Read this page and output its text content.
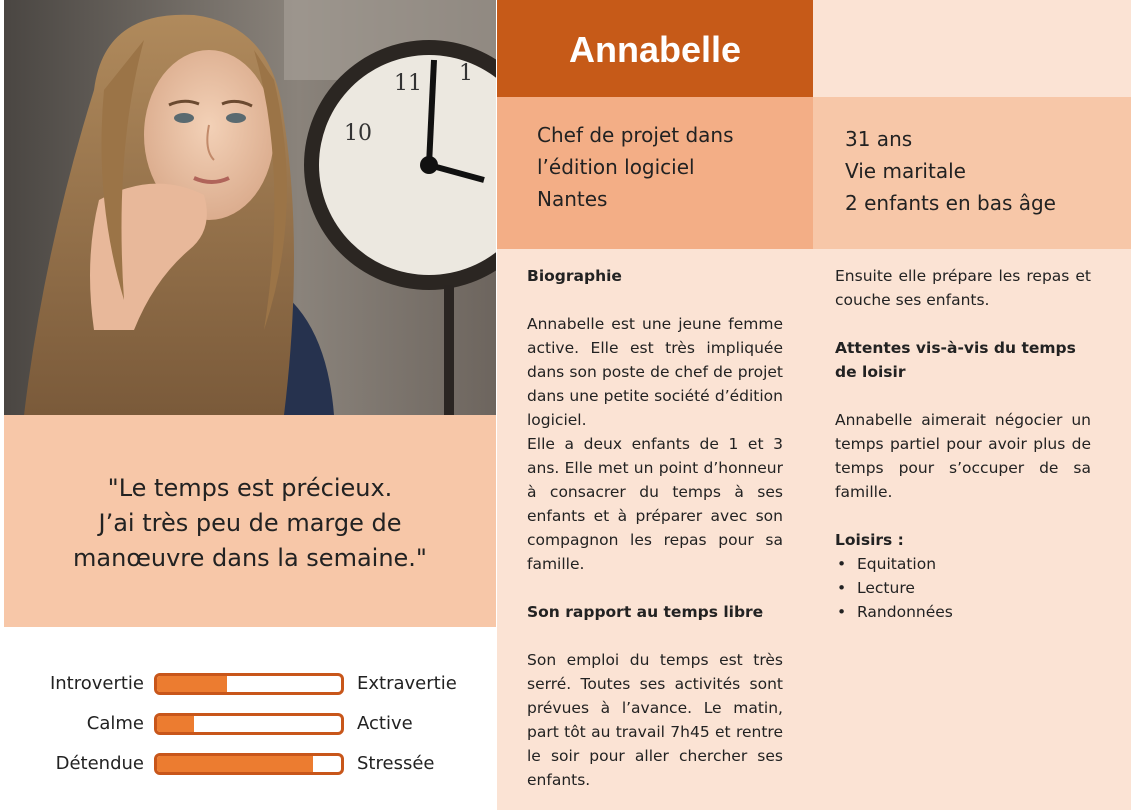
1
11
10
"Le temps est précieux.
J’ai très peu de marge de
manœuvre dans la semaine."
Introvertie	Extravertie
Calme	Active
Détendue	Stressée
Annabelle
Chef de projet dans
l’édition logiciel
Nantes
31 ans
Vie maritale
2 enfants en bas âge
Biographie
Annabelle est une jeune femme active. Elle est très impliquée dans son poste de chef de projet dans une petite société d’édition logiciel.
Elle a deux enfants de 1 et 3 ans. Elle met un point d’honneur à consacrer du temps à ses enfants et à préparer avec son compagnon les repas pour sa famille.
Son rapport au temps libre
Son emploi du temps est très serré. Toutes ses activités sont prévues à l’avance. Le matin, part tôt au travail 7h45 et rentre le soir pour aller chercher ses enfants.
Ensuite elle prépare les repas et couche ses enfants.
Attentes vis-à-vis du temps de loisir
Annabelle aimerait négocier un temps partiel pour avoir plus de temps pour s’occuper de sa famille.
Loisirs :
• Equitation
• Lecture
• Randonnées
